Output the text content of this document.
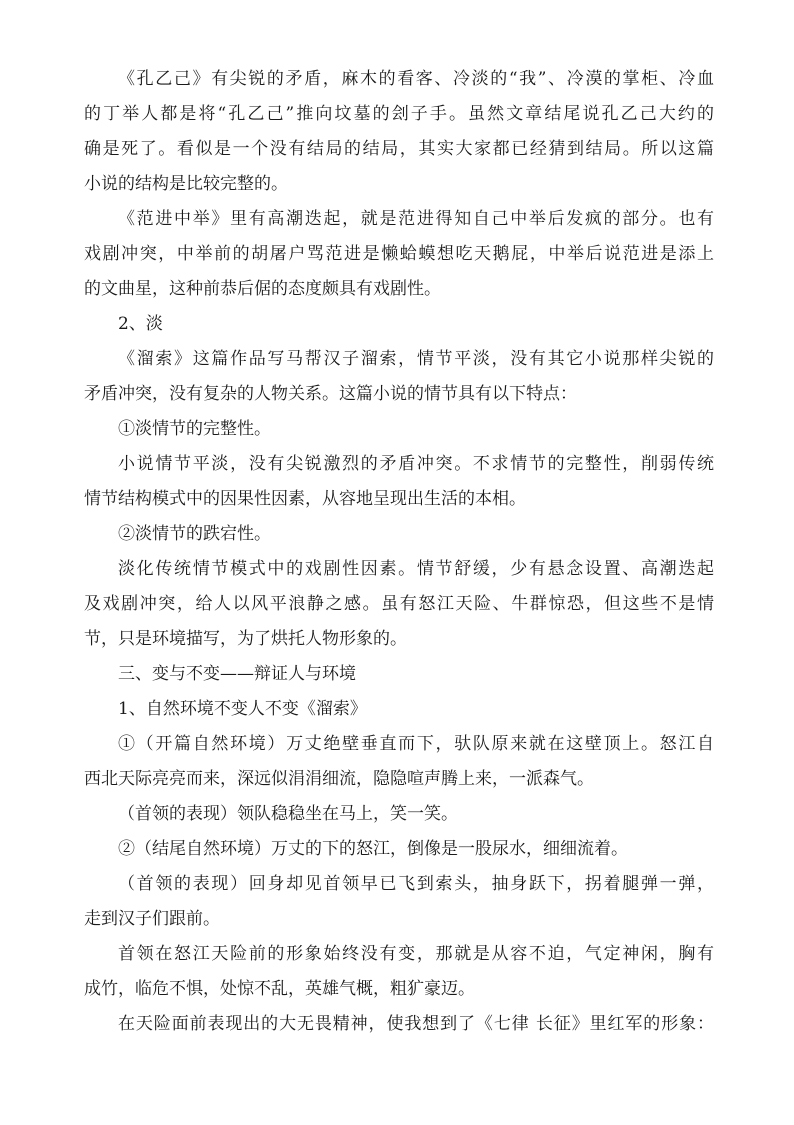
《孔乙己》有尖锐的矛盾，麻木的看客、冷淡的“我”、冷漠的掌柜、冷血
的丁举人都是将“孔乙己”推向坟墓的刽子手。虽然文章结尾说孔乙己大约的
确是死了。看似是一个没有结局的结局，其实大家都已经猜到结局。所以这篇
小说的结构是比较完整的。
《范进中举》里有高潮迭起，就是范进得知自己中举后发疯的部分。也有
戏剧冲突，中举前的胡屠户骂范进是懒蛤蟆想吃天鹅屁，中举后说范进是添上
的文曲星，这种前恭后倨的态度颇具有戏剧性。
2、淡
《溜索》这篇作品写马帮汉子溜索，情节平淡，没有其它小说那样尖锐的
矛盾冲突，没有复杂的人物关系。这篇小说的情节具有以下特点：
①淡情节的完整性。
小说情节平淡，没有尖锐激烈的矛盾冲突。不求情节的完整性，削弱传统
情节结构模式中的因果性因素，从容地呈现出生活的本相。
②淡情节的跌宕性。
淡化传统情节模式中的戏剧性因素。情节舒缓，少有悬念设置、高潮迭起
及戏剧冲突，给人以风平浪静之感。虽有怒江天险、牛群惊恐，但这些不是情
节，只是环境描写，为了烘托人物形象的。
三、变与不变——辩证人与环境
1、自然环境不变人不变《溜索》
①（开篇自然环境）万丈绝壁垂直而下，驮队原来就在这壁顶上。怒江自
西北天际亮亮而来，深远似涓涓细流，隐隐喧声腾上来，一派森气。
（首领的表现）领队稳稳坐在马上，笑一笑。
②（结尾自然环境）万丈的下的怒江，倒像是一股尿水，细细流着。
（首领的表现）回身却见首领早已飞到索头，抽身跃下，拐着腿弹一弹，
走到汉子们跟前。
首领在怒江天险前的形象始终没有变，那就是从容不迫，气定神闲，胸有
成竹，临危不惧，处惊不乱，英雄气概，粗犷豪迈。
在天险面前表现出的大无畏精神，使我想到了《七律 长征》里红军的形象：
